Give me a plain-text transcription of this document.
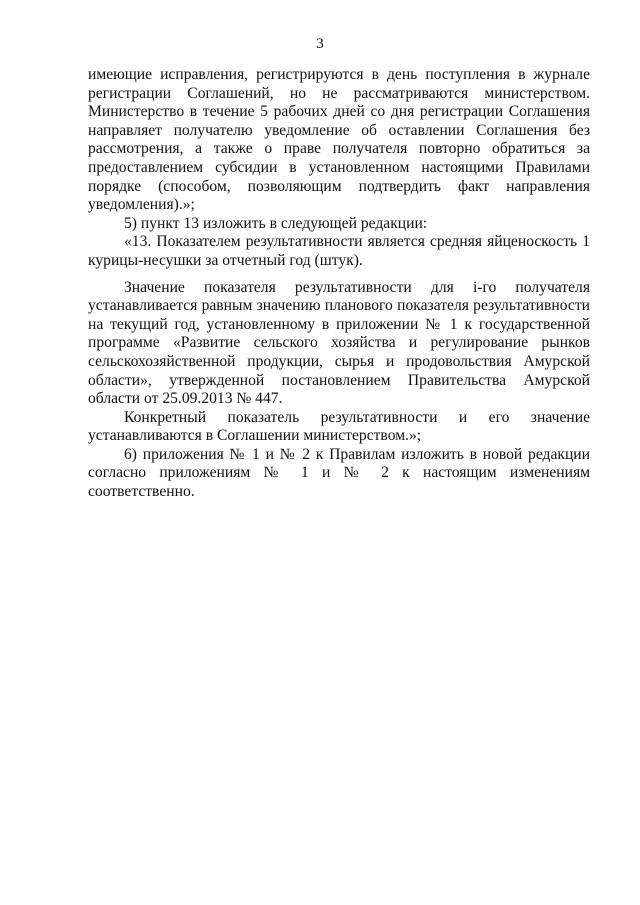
3

имеющие исправления, регистрируются в день поступления в журнале регистрации Соглашений, но не рассматриваются министерством. Министерство в течение 5 рабочих дней со дня регистрации Соглашения направляет получателю уведомление об оставлении Соглашения без рассмотрения, а также о праве получателя повторно обратиться за предоставлением субсидии в установленном настоящими Правилами порядке (способом, позволяющим подтвердить факт направления уведомления).»;

5) пункт 13 изложить в следующей редакции:

«13. Показателем результативности является средняя яйценоскость 1 курицы-несушки за отчетный год (штук).

Значение показателя результативности для i-го получателя устанавливается равным значению планового показателя результативности на текущий год, установленному в приложении № 1 к государственной программе «Развитие сельского хозяйства и регулирование рынков сельскохозяйственной продукции, сырья и продовольствия Амурской области», утвержденной постановлением Правительства Амурской области от 25.09.2013 № 447.

Конкретный показатель результативности и его значение устанавливаются в Соглашении министерством.»;

6) приложения № 1 и № 2 к Правилам изложить в новой редакции согласно приложениям № 1 и № 2 к настоящим изменениям соответственно.
